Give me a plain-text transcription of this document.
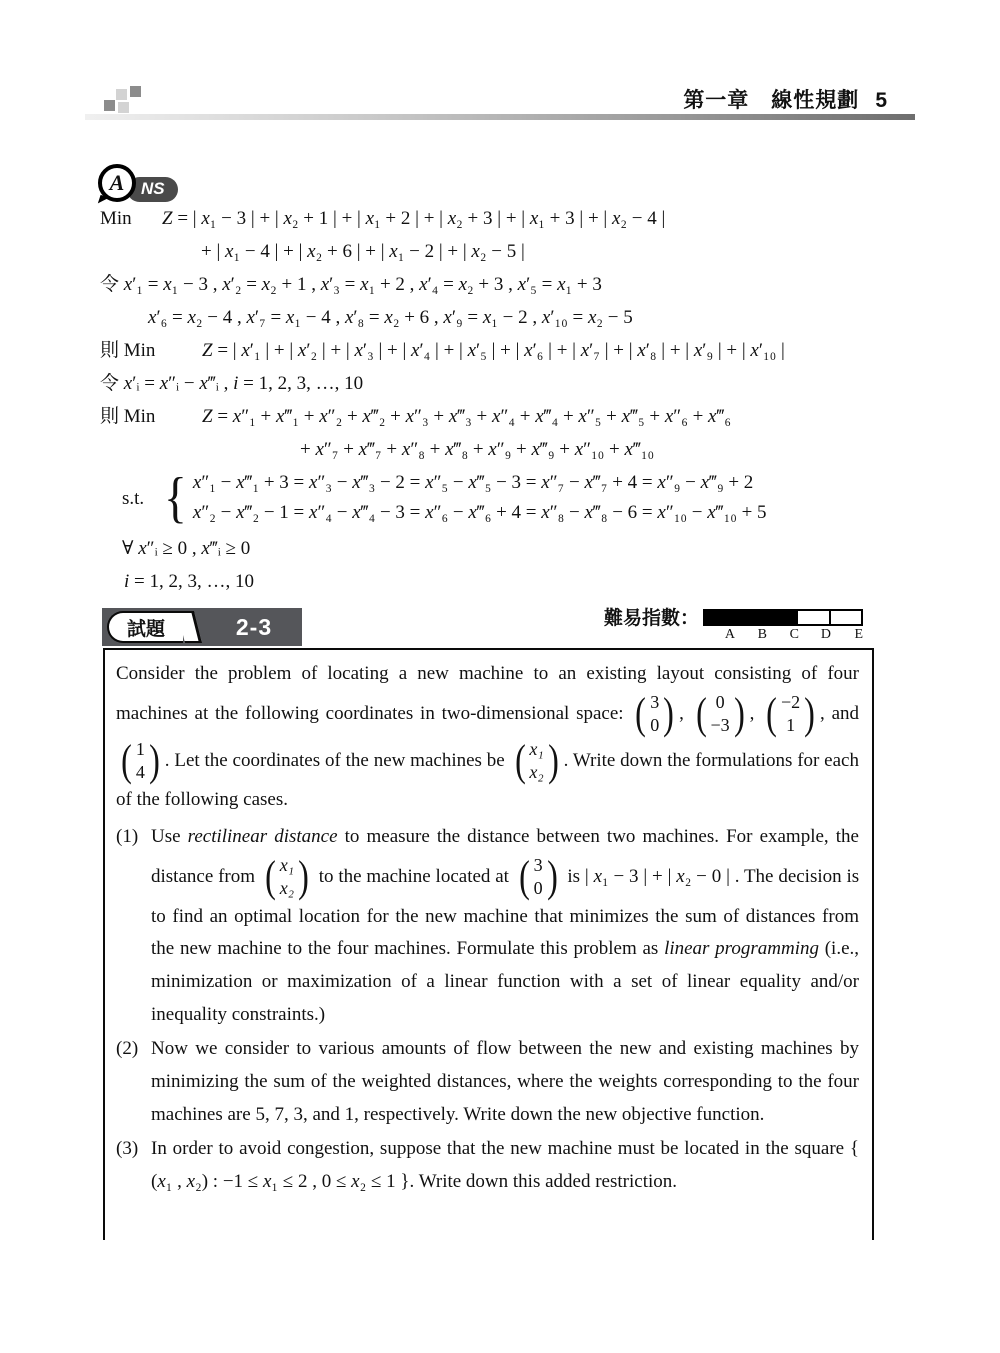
第一章　線性規劃 5
A NS
Min	Z = | x₁ − 3 | + | x₂ + 1 | + | x₁ + 2 | + | x₂ + 3 | + | x₁ + 3 | + | x₂ − 4 |
+ | x₁ − 4 | + | x₂ + 6 | + | x₁ − 2 | + | x₂ − 5 |
令 x′₁ = x₁ − 3 , x′₂ = x₂ + 1 , x′₃ = x₁ + 2 , x′₄ = x₂ + 3 , x′₅ = x₁ + 3
x′₆ = x₂ − 4 , x′₇ = x₁ − 4 , x′₈ = x₂ + 6 , x′₉ = x₁ − 2 , x′₁₀ = x₂ − 5
則 Min	Z = | x′₁ | + | x′₂ | + | x′₃ | + | x′₄ | + | x′₅ | + | x′₆ | + | x′₇ | + | x′₈ | + | x′₉ | + | x′₁₀ |
令 x′ᵢ = x″ᵢ − x‴ᵢ , i = 1, 2, 3, …, 10
則 Min	Z = x″₁ + x‴₁ + x″₂ + x‴₂ + x″₃ + x‴₃ + x″₄ + x‴₄ + x″₅ + x‴₅ + x″₆ + x‴₆
+ x″₇ + x‴₇ + x″₈ + x‴₈ + x″₉ + x‴₉ + x″₁₀ + x‴₁₀
s.t. { x″₁ − x‴₁ + 3 = x″₃ − x‴₃ − 2 = x″₅ − x‴₅ − 3 = x″₇ − x‴₇ + 4 = x″₉ − x‴₉ + 2
x″₂ − x‴₂ − 1 = x″₄ − x‴₄ − 3 = x″₆ − x‴₆ + 4 = x″₈ − x‴₈ − 6 = x″₁₀ − x‴₁₀ + 5
∀ x″ᵢ ≥ 0 , x‴ᵢ ≥ 0
i = 1, 2, 3, …, 10
試題	2-3	難易指數：
A	B	C	D	E
Consider the problem of locating a new machine to an existing layout consisting of four machines at the following coordinates in two-dimensional space: ( 3
0 ) , ( 0
−3 ) , ( −2
1 ) , and
( 1
4 ) . Let the coordinates of the new machines be ( x₁
x₂ ) . Write down the formulations for each of the following cases.
(1) Use rectilinear distance to measure the distance between two machines. For example, the distance from ( x₁
x₂ ) to the machine located at ( 3
0 ) is | x₁ − 3 | + | x₂ − 0 | . The decision is to find an optimal location for the new machine that minimizes the sum of distances from the new machine to the four machines. Formulate this problem as linear programming (i.e., minimization or maximization of a linear function with a set of linear equality and/or inequality constraints.)
(2) Now we consider to various amounts of flow between the new and existing machines by minimizing the sum of the weighted distances, where the weights corresponding to the four machines are 5, 7, 3, and 1, respectively. Write down the new objective function.
(3) In order to avoid congestion, suppose that the new machine must be located in the square { (x₁ , x₂) : −1 ≤ x₁ ≤ 2 , 0 ≤ x₂ ≤ 1 }. Write down this added restriction.
